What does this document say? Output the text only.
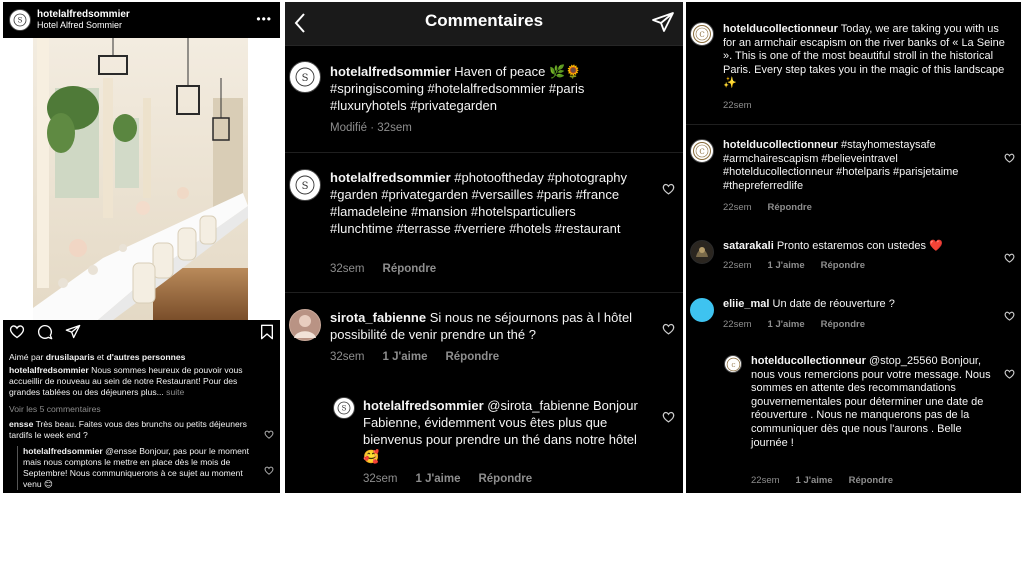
S
hotelalfredsommier
Hotel Alfred Sommier	•••
Aimé par drusilaparis et d'autres personnes
hotelalfredsommier Nous sommes heureux de pouvoir vous accueillir de nouveau au sein de notre Restaurant! Pour des grandes tablées ou des déjeuners plus... suite
Voir les 5 commentaires
ensse Très beau. Faites vous des brunchs ou petits déjeuners tardifs le week end ?
hotelalfredsommier @ensse Bonjour, pas pour le moment mais nous comptons le mettre en place dès le mois de Septembre! Nous communiquerons à ce sujet au moment venu 😊
Commentaires
S hotelalfredsommier Haven of peace 🌿🌻 #springiscoming #hotelalfredsommier #paris #luxuryhotels #privategarden
Modifié · 32sem
S
hotelalfredsommier #photooftheday #photography #garden #privategarden #versailles #paris #france #lamadeleine #mansion #hotelsparticuliers #lunchtime #terrasse #verriere #hotels #restaurant
32sem Répondre
sirota_fabienne Si nous ne séjournons pas à l hôtel possibilité de venir prendre un thé ?
32sem 1 J'aime Répondre
S hotelalfredsommier @sirota_fabienne Bonjour Fabienne, évidemment vous êtes plus que bienvenus pour prendre un thé dans notre hôtel 🥰
32sem 1 J'aime Répondre
C hotelducollectionneur Today, we are taking you with us for an armchair escapism on the river banks of « La Seine ». This is one of the most beautiful stroll in the historical Paris. Every step takes you in the magic of this landscape ✨
22sem
C
hotelducollectionneur #stayhomestaysafe #armchairescapism #believeintravel #hotelducollectionneur #hotelparis #parisjetaime #thepreferredlife
22sem Répondre
satarakali Pronto estaremos con ustedes ❤️
22sem 1 J'aime Répondre
eliie_mal Un date de réouverture ?
22sem 1 J'aime Répondre
C hotelducollectionneur @stop_25560 Bonjour, nous vous remercions pour votre message. Nous sommes en attente des recommandations gouvernementales pour déterminer une date de réouverture . Nous ne manquerons pas de la communiquer dès que nous l'aurons . Belle journée !
22sem 1 J'aime Répondre
